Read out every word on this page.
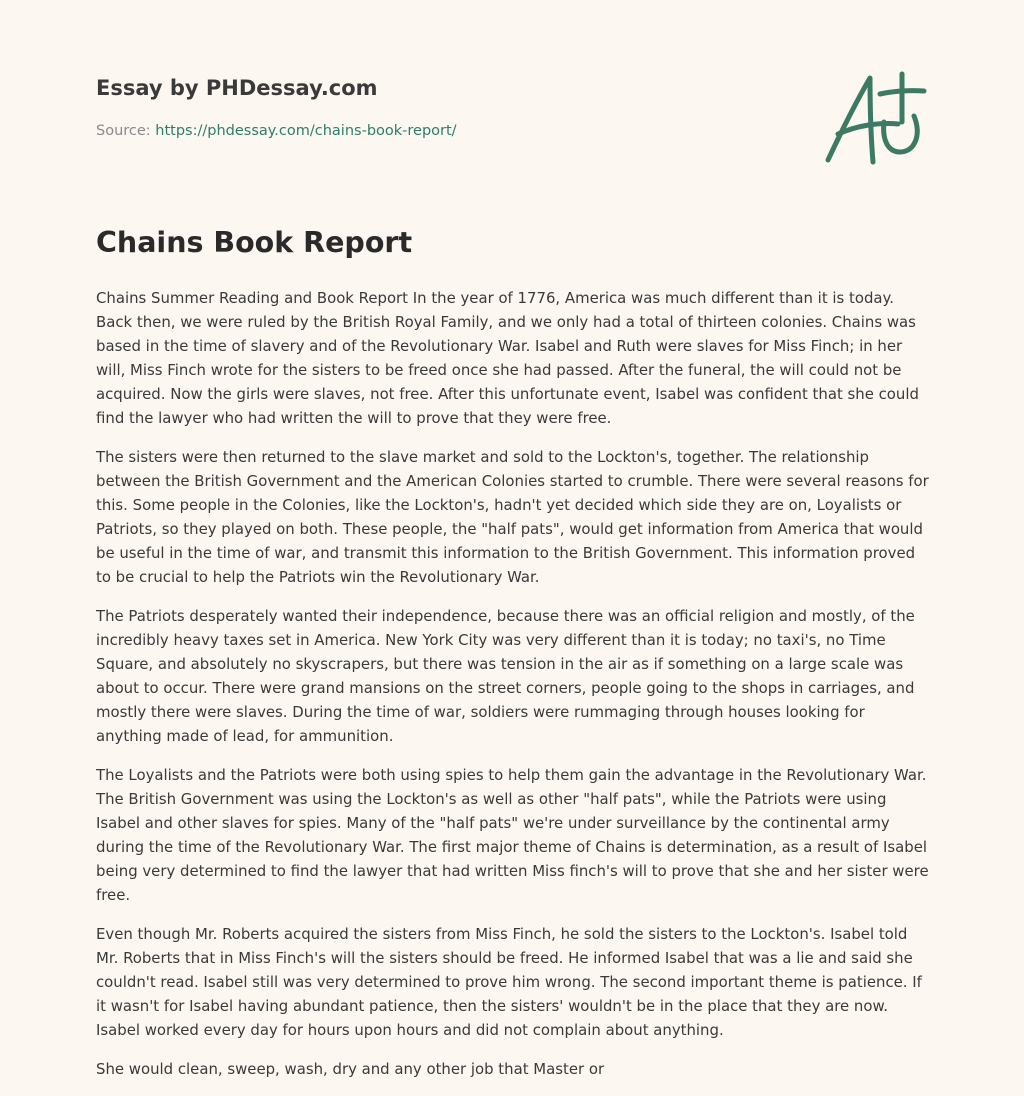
Essay by PHDessay.com
Source: https://phdessay.com/chains-book-report/
Chains Book Report

Chains Summer Reading and Book Report In the year of 1776, America was much different than it is today. Back then, we were ruled by the British Royal Family, and we only had a total of thirteen colonies. Chains was based in the time of slavery and of the Revolutionary War. Isabel and Ruth were slaves for Miss Finch; in her will, Miss Finch wrote for the sisters to be freed once she had passed. After the funeral, the will could not be acquired. Now the girls were slaves, not free. After this unfortunate event, Isabel was confident that she could find the lawyer who had written the will to prove that they were free.

The sisters were then returned to the slave market and sold to the Lockton's, together. The relationship between the British Government and the American Colonies started to crumble. There were several reasons for this. Some people in the Colonies, like the Lockton's, hadn't yet decided which side they are on, Loyalists or Patriots, so they played on both. These people, the "half pats", would get information from America that would be useful in the time of war, and transmit this information to the British Government. This information proved to be crucial to help the Patriots win the Revolutionary War.

The Patriots desperately wanted their independence, because there was an official religion and mostly, of the incredibly heavy taxes set in America. New York City was very different than it is today; no taxi's, no Time Square, and absolutely no skyscrapers, but there was tension in the air as if something on a large scale was about to occur. There were grand mansions on the street corners, people going to the shops in carriages, and mostly there were slaves. During the time of war, soldiers were rummaging through houses looking for anything made of lead, for ammunition.

The Loyalists and the Patriots were both using spies to help them gain the advantage in the Revolutionary War. The British Government was using the Lockton's as well as other "half pats", while the Patriots were using Isabel and other slaves for spies. Many of the "half pats" we're under surveillance by the continental army during the time of the Revolutionary War. The first major theme of Chains is determination, as a result of Isabel being very determined to find the lawyer that had written Miss finch's will to prove that she and her sister were free.

Even though Mr. Roberts acquired the sisters from Miss Finch, he sold the sisters to the Lockton's. Isabel told Mr. Roberts that in Miss Finch's will the sisters should be freed. He informed Isabel that was a lie and said she couldn't read. Isabel still was very determined to prove him wrong. The second important theme is patience. If it wasn't for Isabel having abundant patience, then the sisters' wouldn't be in the place that they are now. Isabel worked every day for hours upon hours and did not complain about anything.

She would clean, sweep, wash, dry and any other job that Master or
